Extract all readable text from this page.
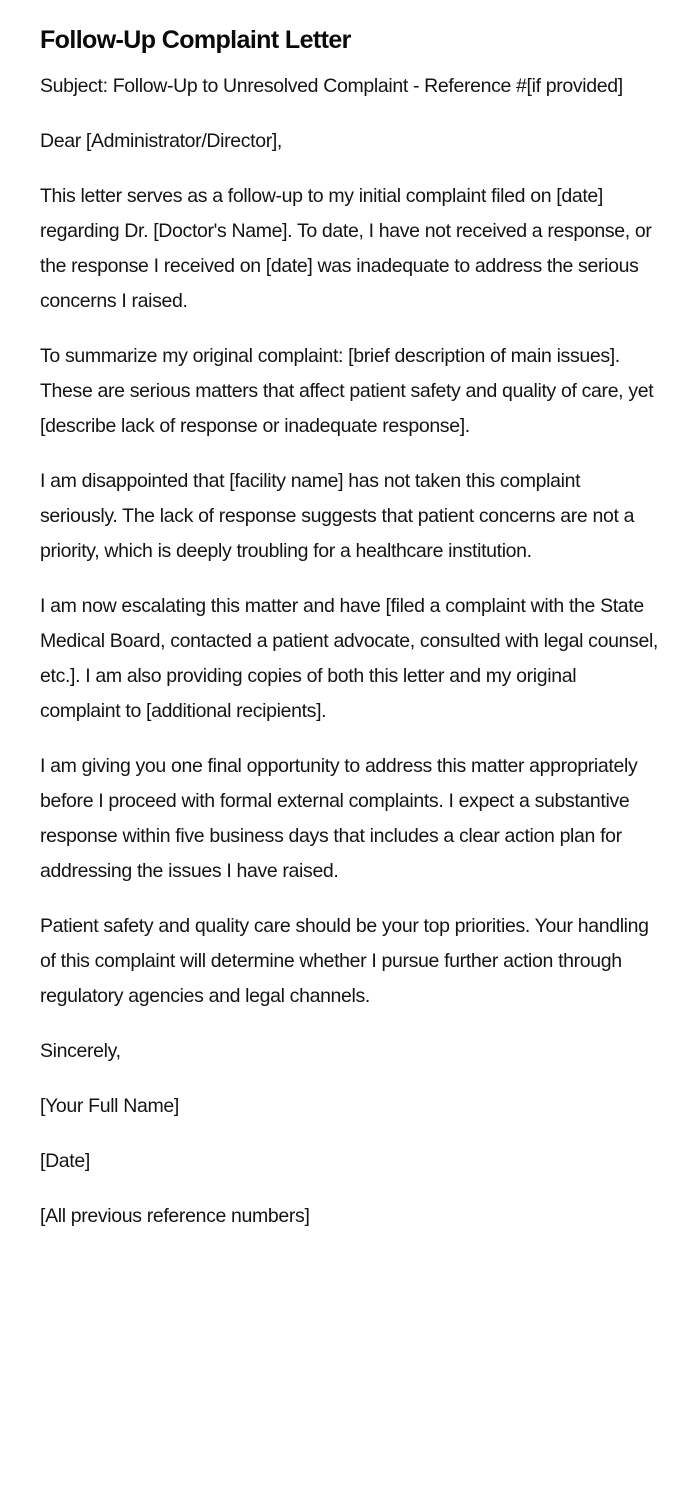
Follow-Up Complaint Letter

Subject: Follow-Up to Unresolved Complaint - Reference #[if provided]

Dear [Administrator/Director],

This letter serves as a follow-up to my initial complaint filed on [date] regarding Dr. [Doctor's Name]. To date, I have not received a response, or the response I received on [date] was inadequate to address the serious concerns I raised.

To summarize my original complaint: [brief description of main issues]. These are serious matters that affect patient safety and quality of care, yet [describe lack of response or inadequate response].

I am disappointed that [facility name] has not taken this complaint seriously. The lack of response suggests that patient concerns are not a priority, which is deeply troubling for a healthcare institution.

I am now escalating this matter and have [filed a complaint with the State Medical Board, contacted a patient advocate, consulted with legal counsel, etc.]. I am also providing copies of both this letter and my original complaint to [additional recipients].

I am giving you one final opportunity to address this matter appropriately before I proceed with formal external complaints. I expect a substantive response within five business days that includes a clear action plan for addressing the issues I have raised.

Patient safety and quality care should be your top priorities. Your handling of this complaint will determine whether I pursue further action through regulatory agencies and legal channels.

Sincerely,

[Your Full Name]

[Date]

[All previous reference numbers]
